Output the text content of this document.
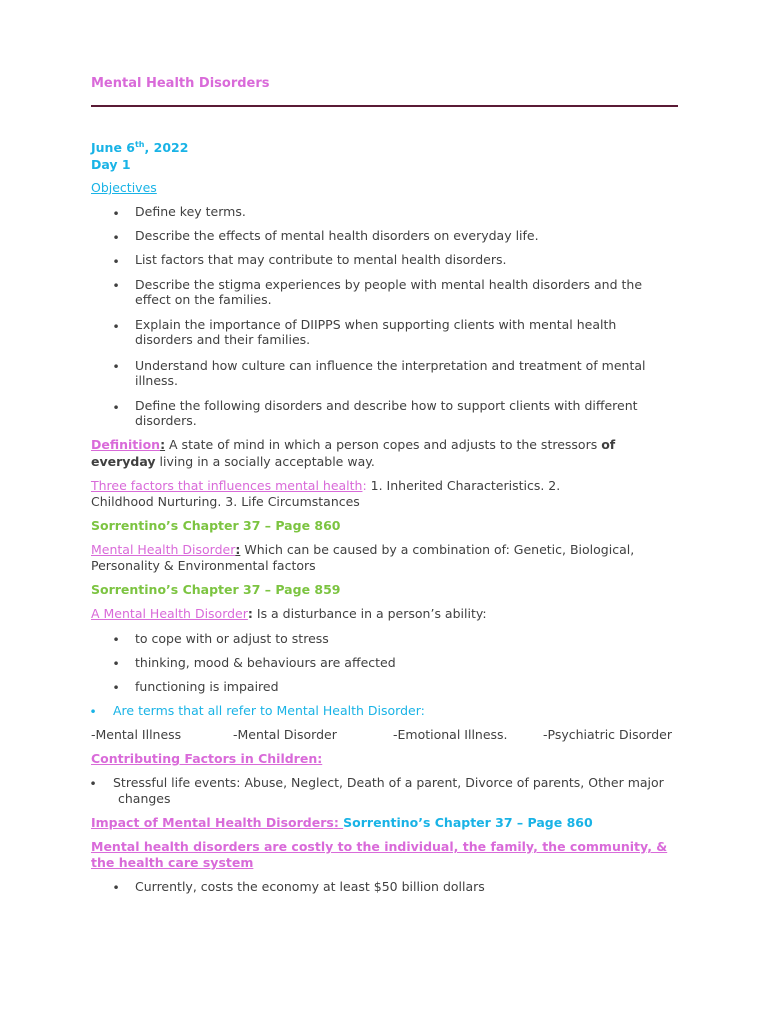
Mental Health Disorders
June 6th, 2022
Day 1
Objectives
• Define key terms.
• Describe the effects of mental health disorders on everyday life.
• List factors that may contribute to mental health disorders.
• Describe the stigma experiences by people with mental health disorders and the
effect on the families.
• Explain the importance of DIIPPS when supporting clients with mental health
disorders and their families.
• Understand how culture can influence the interpretation and treatment of mental
illness.
• Define the following disorders and describe how to support clients with different
disorders.
Definition: A state of mind in which a person copes and adjusts to the stressors of
everyday living in a socially acceptable way.
Three factors that influences mental health: 1. Inherited Characteristics. 2.
Childhood Nurturing. 3. Life Circumstances
Sorrentino’s Chapter 37 – Page 860
Mental Health Disorder: Which can be caused by a combination of: Genetic, Biological,
Personality & Environmental factors
Sorrentino’s Chapter 37 – Page 859
A Mental Health Disorder: Is a disturbance in a person’s ability:
• to cope with or adjust to stress
• thinking, mood & behaviours are affected
• functioning is impaired
• Are terms that all refer to Mental Health Disorder:
-Mental Illness	-Mental Disorder	-Emotional Illness.	-Psychiatric Disorder
Contributing Factors in Children:
• Stressful life events: Abuse, Neglect, Death of a parent, Divorce of parents, Other major
changes
Impact of Mental Health Disorders: Sorrentino’s Chapter 37 – Page 860
Mental health disorders are costly to the individual, the family, the community, &
the health care system
• Currently, costs the economy at least $50 billion dollars
